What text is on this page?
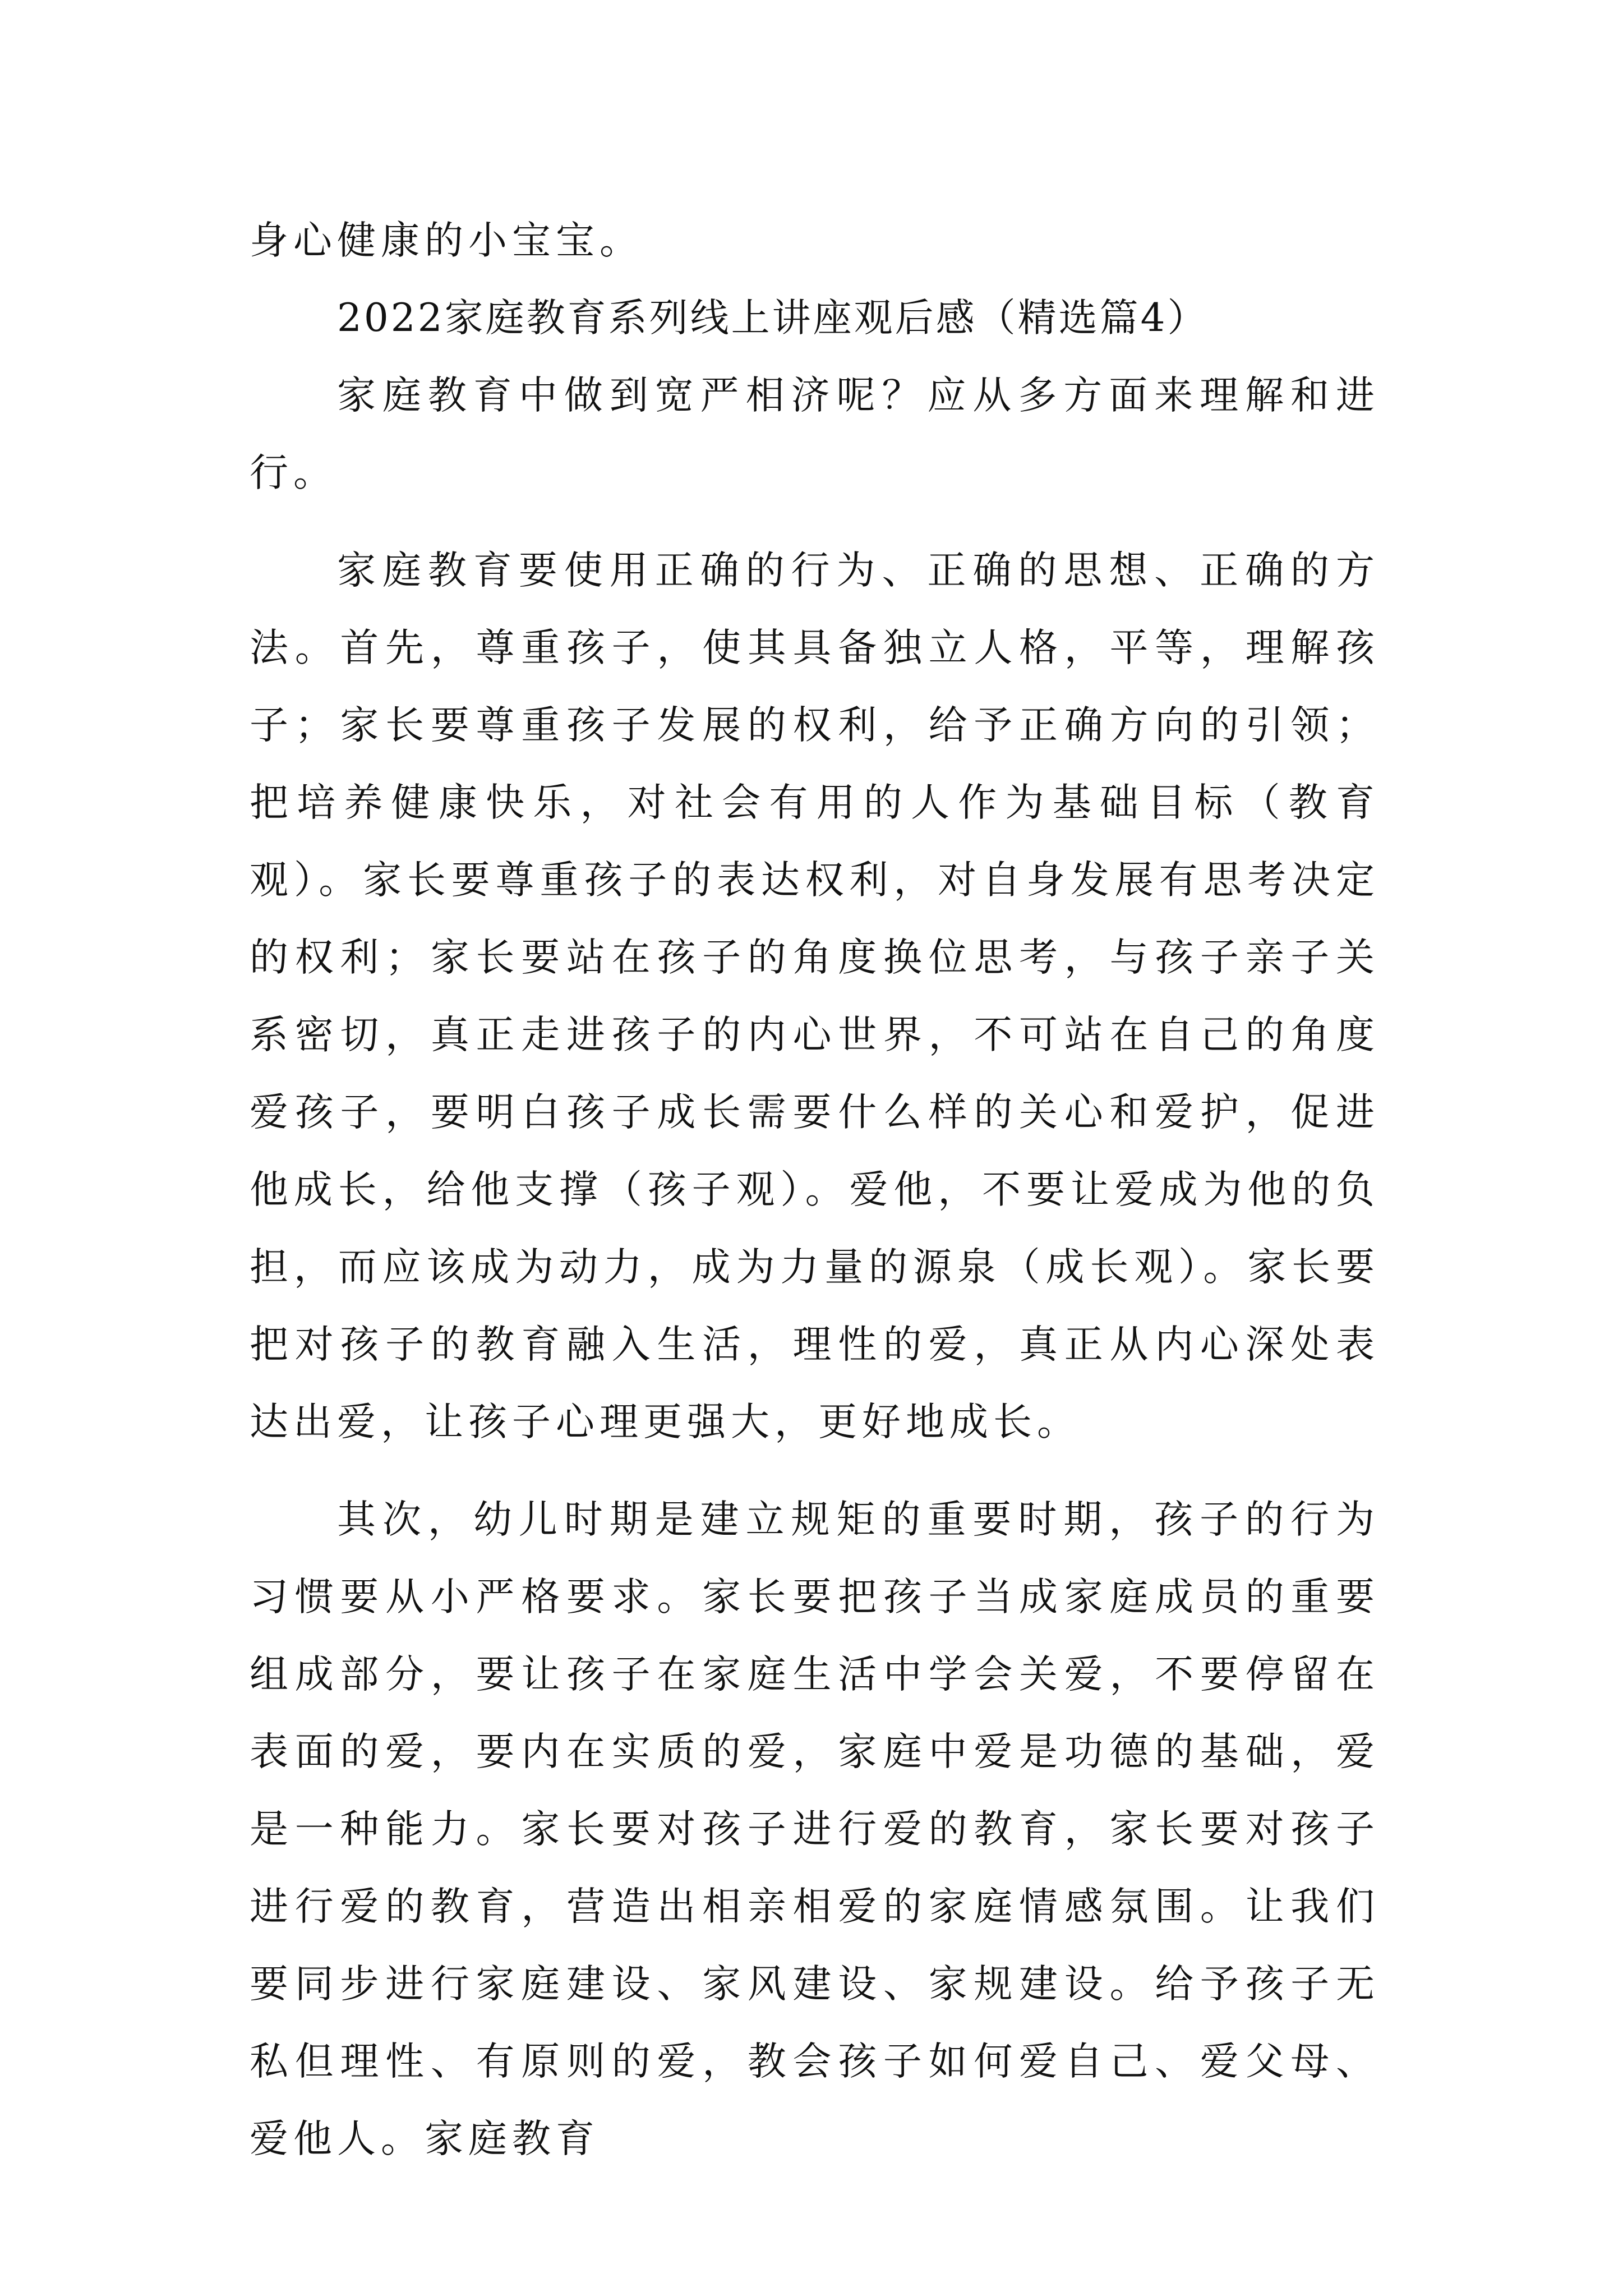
身心健康的小宝宝。

2022家庭教育系列线上讲座观后感（精选篇4）

家庭教育中做到宽严相济呢？应从多方面来理解和进行。

家庭教育要使用正确的行为、正确的思想、正确的方法。首先，尊重孩子，使其具备独立人格，平等，理解孩子；家长要尊重孩子发展的权利，给予正确方向的引领；把培养健康快乐，对社会有用的人作为基础目标（教育观）。家长要尊重孩子的表达权利，对自身发展有思考决定的权利；家长要站在孩子的角度换位思考，与孩子亲子关系密切，真正走进孩子的内心世界，不可站在自己的角度爱孩子，要明白孩子成长需要什么样的关心和爱护，促进他成长，给他支撑（孩子观）。爱他，不要让爱成为他的负担，而应该成为动力，成为力量的源泉（成长观）。家长要把对孩子的教育融入生活，理性的爱，真正从内心深处表达出爱，让孩子心理更强大，更好地成长。

其次，幼儿时期是建立规矩的重要时期，孩子的行为习惯要从小严格要求。家长要把孩子当成家庭成员的重要组成部分，要让孩子在家庭生活中学会关爱，不要停留在表面的爱，要内在实质的爱，家庭中爱是功德的基础，爱是一种能力。家长要对孩子进行爱的教育，家长要对孩子进行爱的教育，营造出相亲相爱的家庭情感氛围。让我们要同步进行家庭建设、家风建设、家规建设。给予孩子无私但理性、有原则的爱，教会孩子如何爱自己、爱父母、爱他人。家庭教育
